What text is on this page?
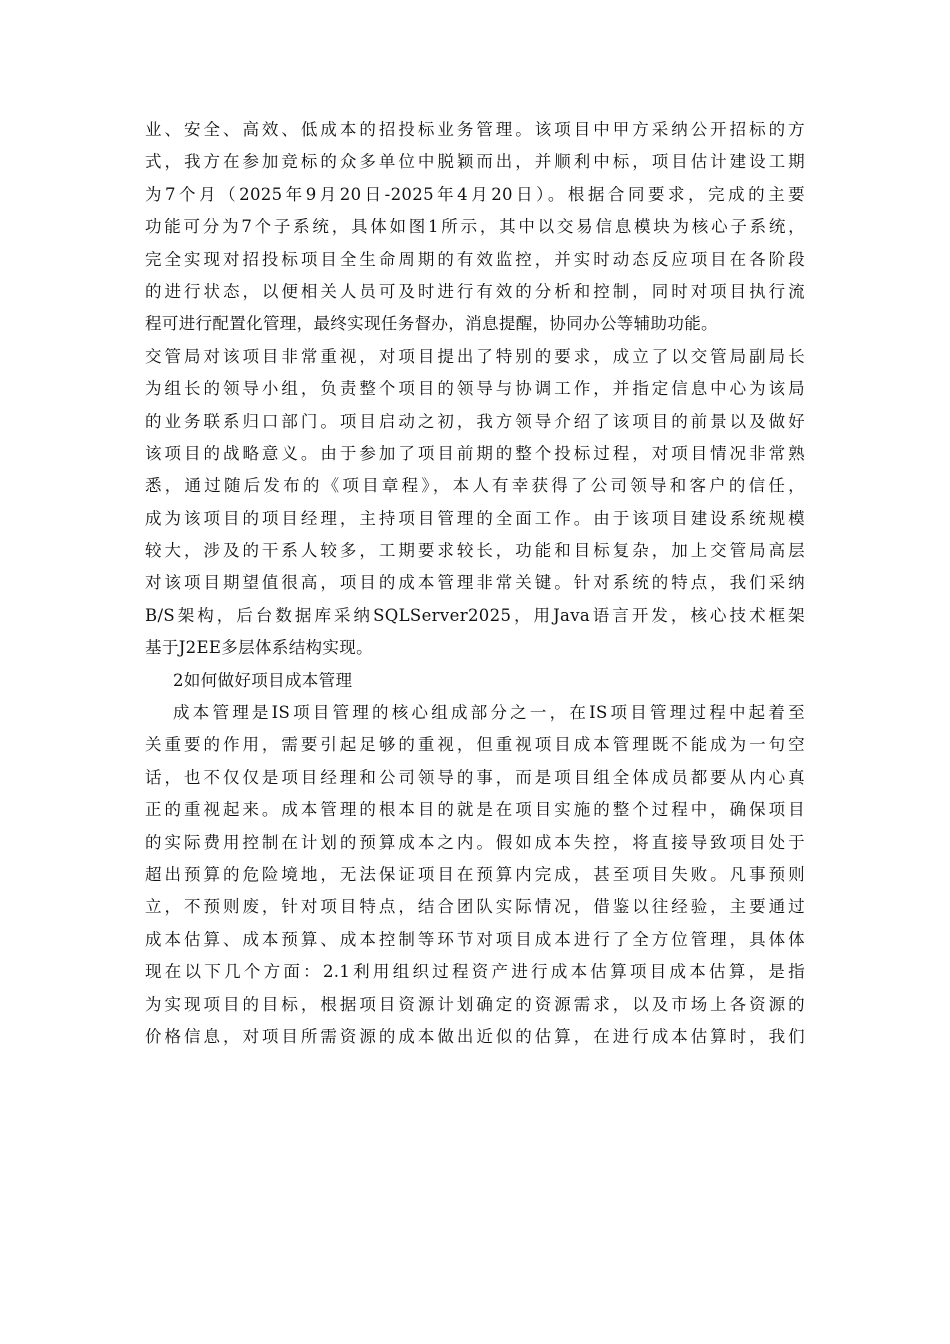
业、安全、高效、低成本的招投标业务管理。该项目中甲方采纳公开招标的方
式，我方在参加竞标的众多单位中脱颖而出，并顺利中标，项目估计建设工期
为7个月（2025年9月20日-2025年4月20日）。根据合同要求，完成的主要
功能可分为7个子系统，具体如图1所示，其中以交易信息模块为核心子系统，
完全实现对招投标项目全生命周期的有效监控，并实时动态反应项目在各阶段
的进行状态，以便相关人员可及时进行有效的分析和控制，同时对项目执行流
程可进行配置化管理，最终实现任务督办，消息提醒，协同办公等辅助功能。
交管局对该项目非常重视，对项目提出了特别的要求，成立了以交管局副局长
为组长的领导小组，负责整个项目的领导与协调工作，并指定信息中心为该局
的业务联系归口部门。项目启动之初，我方领导介绍了该项目的前景以及做好
该项目的战略意义。由于参加了项目前期的整个投标过程，对项目情况非常熟
悉，通过随后发布的《项目章程》，本人有幸获得了公司领导和客户的信任，
成为该项目的项目经理，主持项目管理的全面工作。由于该项目建设系统规模
较大，涉及的干系人较多，工期要求较长，功能和目标复杂，加上交管局高层
对该项目期望值很高，项目的成本管理非常关键。针对系统的特点，我们采纳
B/S架构，后台数据库采纳SQLServer2025，用Java语言开发，核心技术框架
基于J2EE多层体系结构实现。
2如何做好项目成本管理
成本管理是IS项目管理的核心组成部分之一，在IS项目管理过程中起着至
关重要的作用，需要引起足够的重视，但重视项目成本管理既不能成为一句空
话，也不仅仅是项目经理和公司领导的事，而是项目组全体成员都要从内心真
正的重视起来。成本管理的根本目的就是在项目实施的整个过程中，确保项目
的实际费用控制在计划的预算成本之内。假如成本失控，将直接导致项目处于
超出预算的危险境地，无法保证项目在预算内完成，甚至项目失败。凡事预则
立，不预则废，针对项目特点，结合团队实际情况，借鉴以往经验，主要通过
成本估算、成本预算、成本控制等环节对项目成本进行了全方位管理，具体体
现在以下几个方面：2.1利用组织过程资产进行成本估算项目成本估算，是指
为实现项目的目标，根据项目资源计划确定的资源需求，以及市场上各资源的
价格信息，对项目所需资源的成本做出近似的估算，在进行成本估算时，我们
